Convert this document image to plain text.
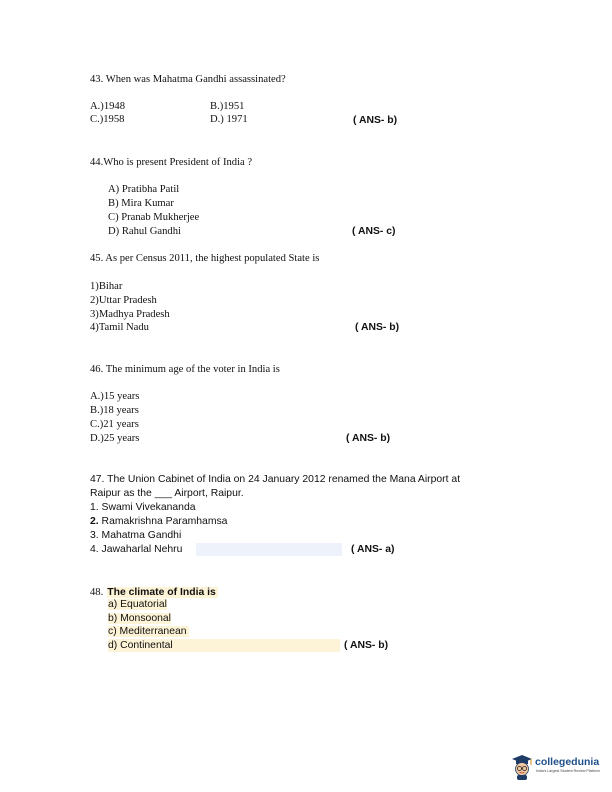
43. When was Mahatma Gandhi assassinated?
A.)1948	B.)1951
C.)1958	D.) 1971	( ANS- b)
44.Who is present President of India ?
A) Pratibha Patil
B) Mira Kumar
C) Pranab Mukherjee
D) Rahul Gandhi	( ANS- c)
45. As per Census 2011, the highest populated State is
1)Bihar
2)Uttar Pradesh
3)Madhya Pradesh
4)Tamil Nadu	( ANS- b)
46. The minimum age of the voter in India is
A.)15 years
B.)18 years
C.)21 years
D.)25 years	( ANS- b)
47. The Union Cabinet of India on 24 January 2012 renamed the Mana Airport at
Raipur as the ___ Airport, Raipur.
1. Swami Vivekananda
2. Ramakrishna Paramhamsa
3. Mahatma Gandhi
4. Jawaharlal Nehru	( ANS- a)
48. The climate of India is
a) Equatorial
b) Monsoonal
c) Mediterranean
d) Continental	( ANS- b)
collegedunia
India's Largest Student Review Platform
